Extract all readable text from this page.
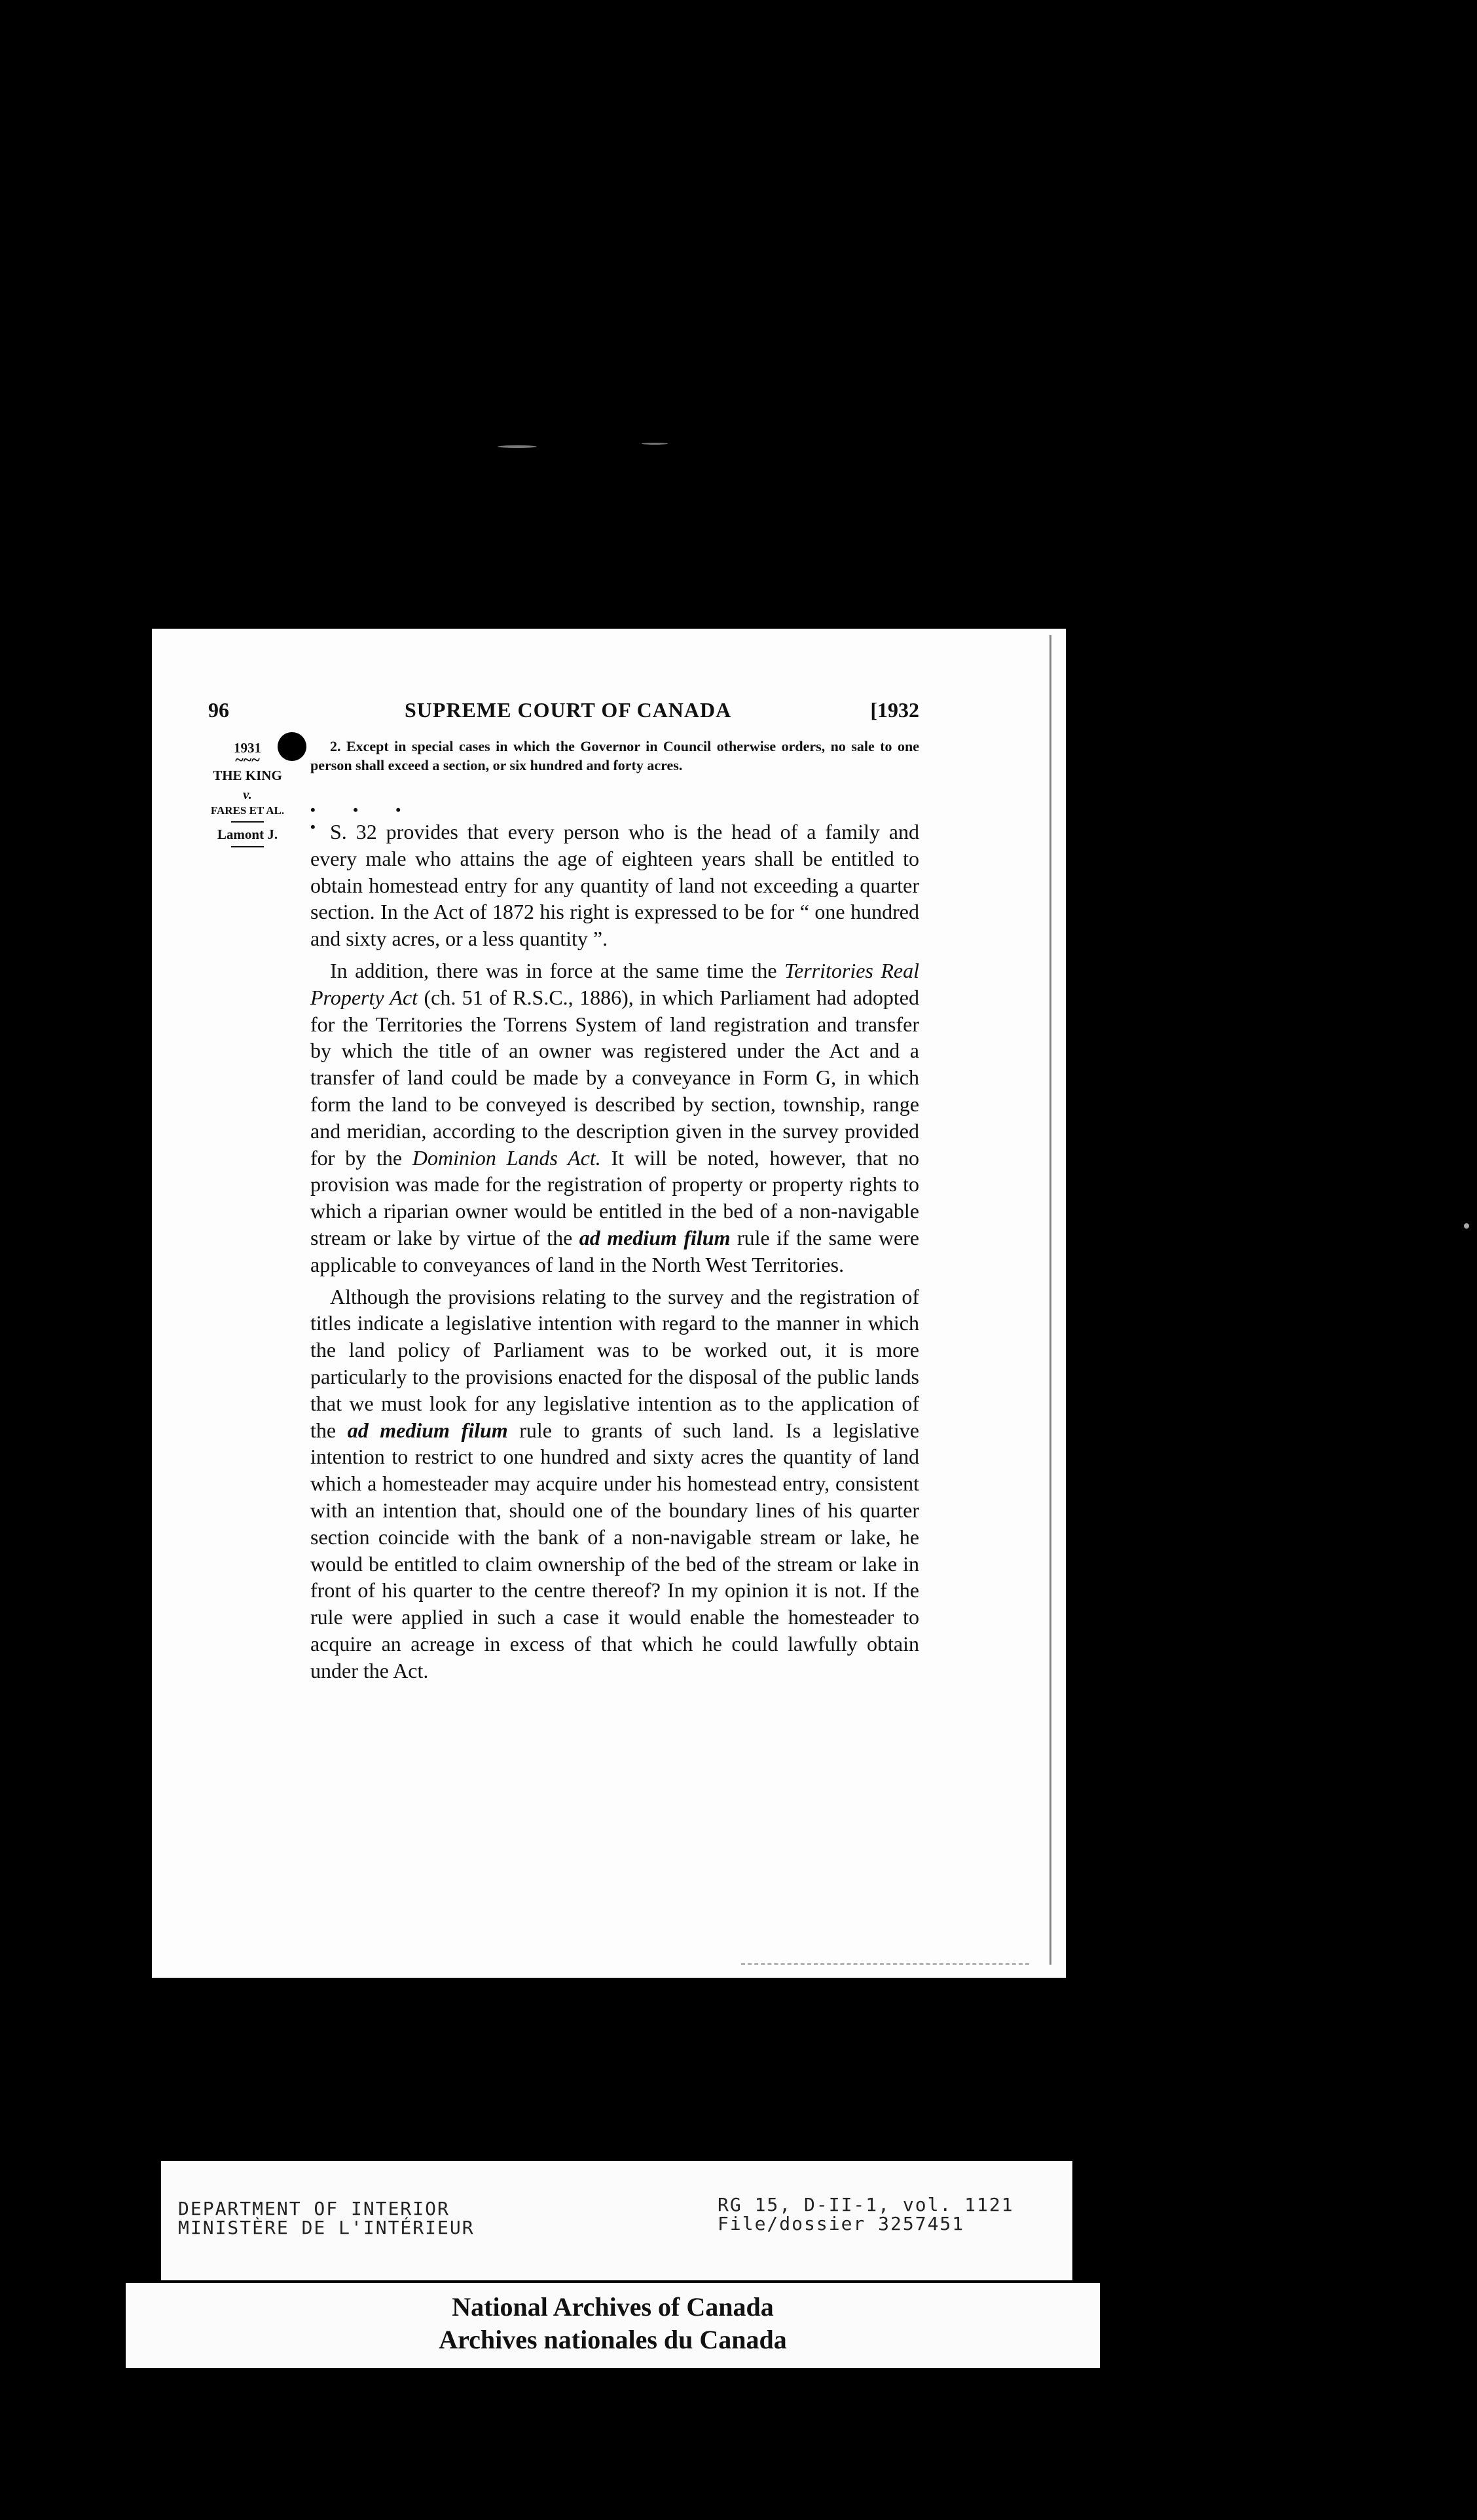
96	SUPREME COURT OF CANADA	[1932
1931
~~~
THE KING
v.
FARES ET AL.
Lamont J.

2. Except in special cases in which the Governor in Council otherwise orders, no sale to one person shall exceed a section, or six hundred and forty acres.

• • • •

S. 32 provides that every person who is the head of a family and every male who attains the age of eighteen years shall be entitled to obtain homestead entry for any quantity of land not exceeding a quarter section. In the Act of 1872 his right is expressed to be for “ one hundred and sixty acres, or a less quantity ”.

In addition, there was in force at the same time the Territories Real Property Act (ch. 51 of R.S.C., 1886), in which Parliament had adopted for the Territories the Torrens System of land registration and transfer by which the title of an owner was registered under the Act and a transfer of land could be made by a conveyance in Form G, in which form the land to be conveyed is described by section, township, range and meridian, according to the description given in the survey provided for by the Dominion Lands Act. It will be noted, however, that no provision was made for the registration of property or property rights to which a riparian owner would be entitled in the bed of a non-navigable stream or lake by virtue of the ad medium filum rule if the same were applicable to conveyances of land in the North West Territories.

Although the provisions relating to the survey and the registration of titles indicate a legislative intention with regard to the manner in which the land policy of Parliament was to be worked out, it is more particularly to the provisions enacted for the disposal of the public lands that we must look for any legislative intention as to the application of the ad medium filum rule to grants of such land. Is a legislative intention to restrict to one hundred and sixty acres the quantity of land which a homesteader may acquire under his homestead entry, consistent with an intention that, should one of the boundary lines of his quarter section coincide with the bank of a non-navigable stream or lake, he would be entitled to claim ownership of the bed of the stream or lake in front of his quarter to the centre thereof? In my opinion it is not. If the rule were applied in such a case it would enable the homesteader to acquire an acreage in excess of that which he could lawfully obtain under the Act.

DEPARTMENT OF INTERIOR
MINISTÈRE DE L'INTÉRIEUR
RG 15, D-II-1, vol. 1121
File/dossier 3257451
National Archives of Canada
Archives nationales du Canada
